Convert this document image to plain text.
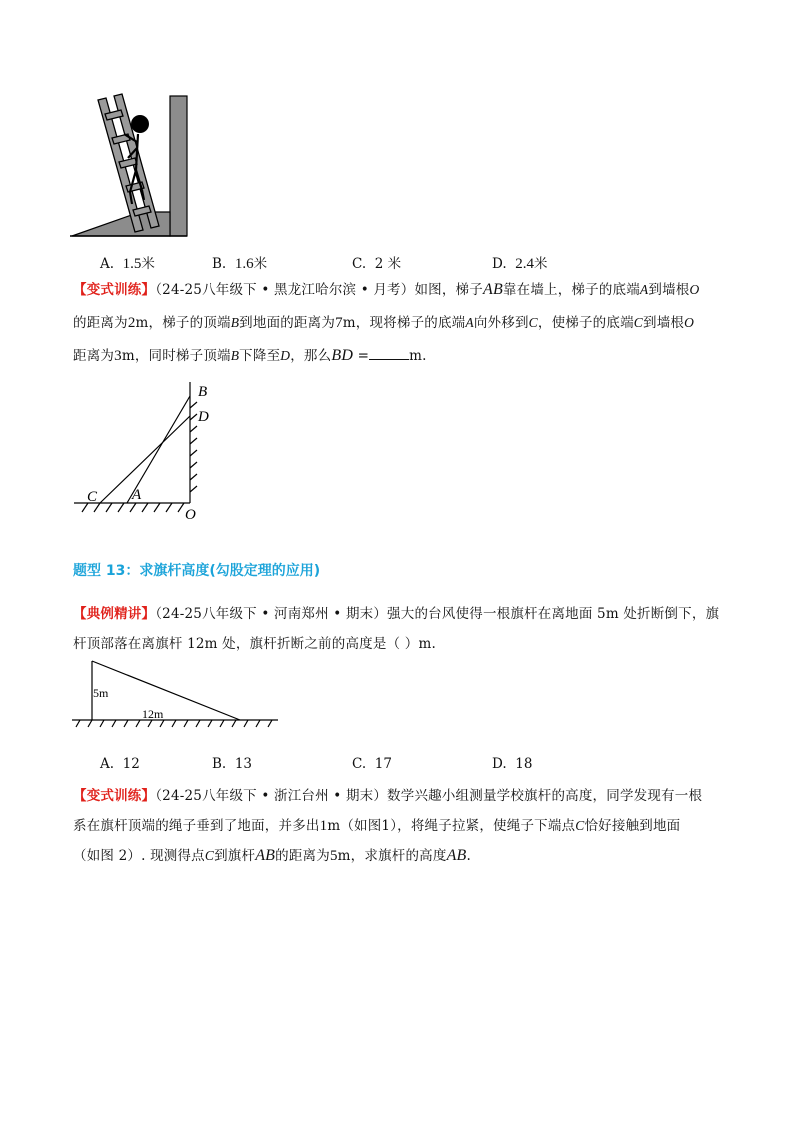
A. 1.5米	B. 1.6米	C. 2 米	D. 2.4米
【变式训练】（24-25八年级下 • 黑龙江哈尔滨 • 月考）如图，梯子AB靠在墙上，梯子的底端A到墙根O
的距离为2m，梯子的顶端B到地面的距离为7m，现将梯子的底端A向外移到C，使梯子的底端C到墙根O
距离为3m，同时梯子顶端B下降至D，那么BD =	m.
B
D
C A
O
题型 13：求旗杆高度(勾股定理的应用)
【典例精讲】（24-25八年级下 • 河南郑州 • 期末）强大的台风使得一根旗杆在离地面 5m 处折断倒下，旗
杆顶部落在离旗杆 12m 处，旗杆折断之前的高度是（ ）m.
5m
12m
A. 12	B. 13	C. 17	D. 18
【变式训练】（24-25八年级下 • 浙江台州 • 期末）数学兴趣小组测量学校旗杆的高度，同学发现有一根
系在旗杆顶端的绳子垂到了地面，并多出1m（如图1），将绳子拉紧，使绳子下端点C恰好接触到地面
（如图 2）. 现测得点C到旗杆AB的距离为5m，求旗杆的高度AB.
